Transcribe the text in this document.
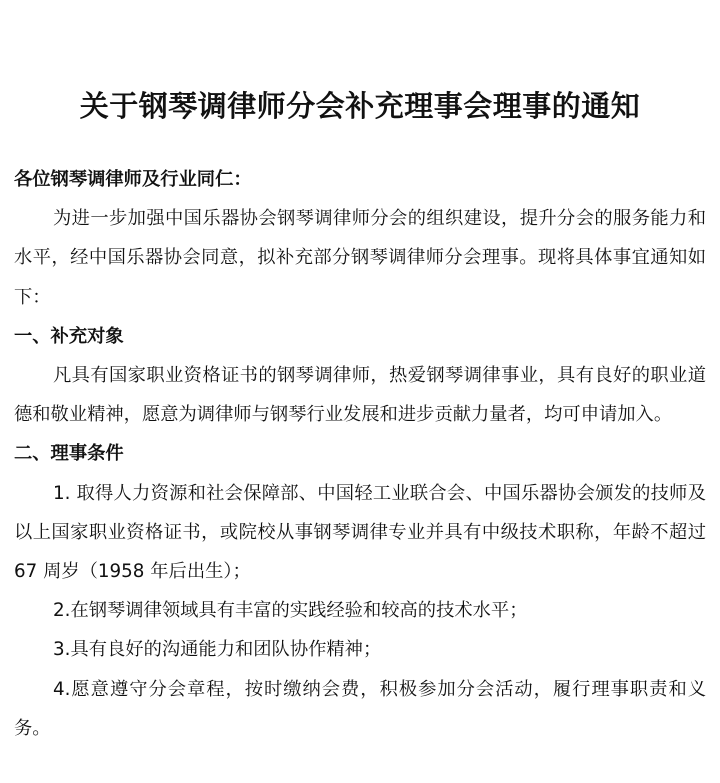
关于钢琴调律师分会补充理事会理事的通知

各位钢琴调律师及行业同仁：

为进一步加强中国乐器协会钢琴调律师分会的组织建设，提升分会的服务能力和水平，经中国乐器协会同意，拟补充部分钢琴调律师分会理事。现将具体事宜通知如下：

一、补充对象

凡具有国家职业资格证书的钢琴调律师，热爱钢琴调律事业，具有良好的职业道德和敬业精神，愿意为调律师与钢琴行业发展和进步贡献力量者，均可申请加入。

二、理事条件

1. 取得人力资源和社会保障部、中国轻工业联合会、中国乐器协会颁发的技师及以上国家职业资格证书，或院校从事钢琴调律专业并具有中级技术职称，年龄不超过 67 周岁（1958 年后出生）；

2.在钢琴调律领域具有丰富的实践经验和较高的技术水平；

3.具有良好的沟通能力和团队协作精神；

4.愿意遵守分会章程，按时缴纳会费，积极参加分会活动，履行理事职责和义务。
